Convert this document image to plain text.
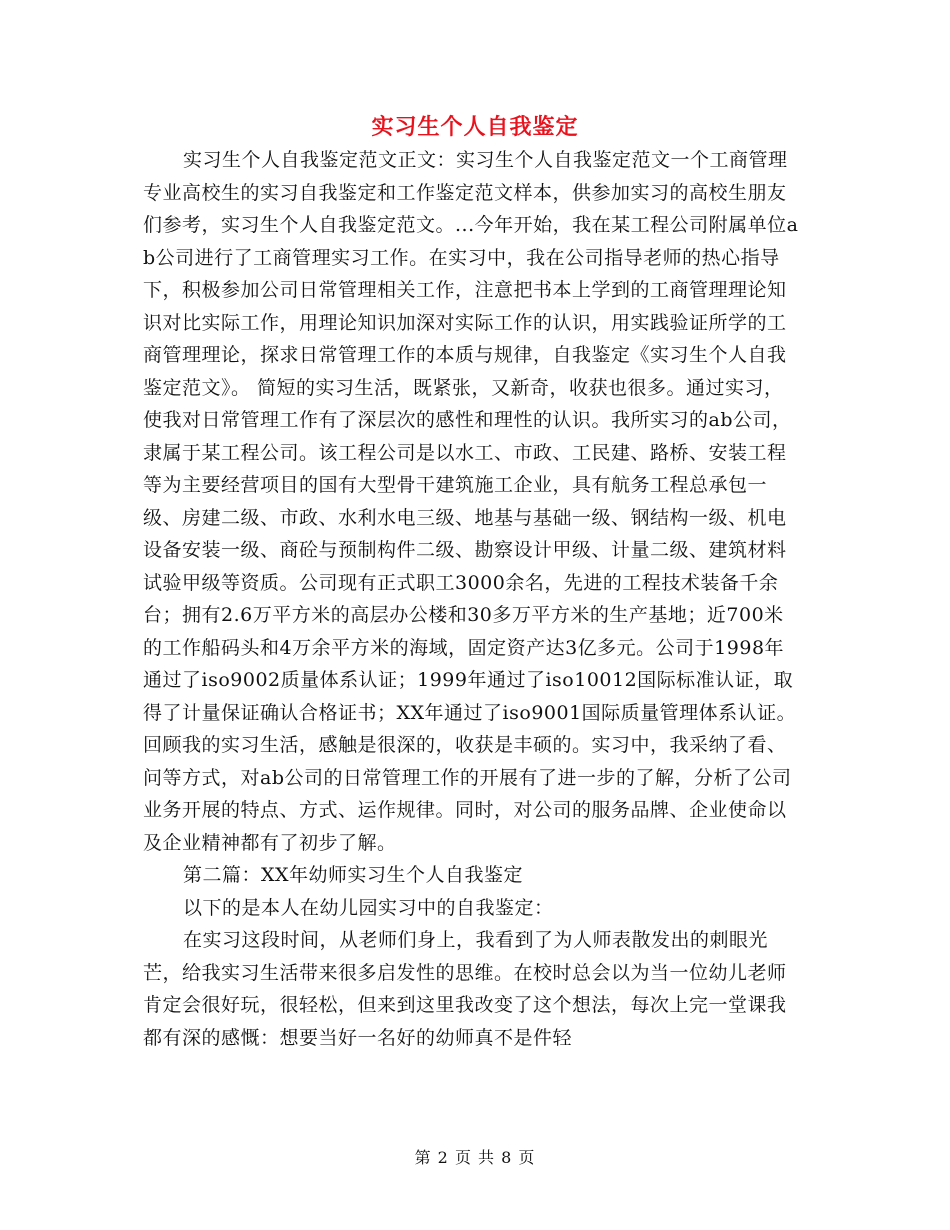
实习生个人自我鉴定

实习生个人自我鉴定范文正文：实习生个人自我鉴定范文一个工商管理专业高校生的实习自我鉴定和工作鉴定范文样本，供参加实习的高校生朋友们参考，实习生个人自我鉴定范文。...今年开始，我在某工程公司附属单位ab公司进行了工商管理实习工作。在实习中，我在公司指导老师的热心指导下，积极参加公司日常管理相关工作，注意把书本上学到的工商管理理论知识对比实际工作，用理论知识加深对实际工作的认识，用实践验证所学的工商管理理论，探求日常管理工作的本质与规律，自我鉴定《实习生个人自我鉴定范文》。 简短的实习生活，既紧张，又新奇，收获也很多。通过实习，使我对日常管理工作有了深层次的感性和理性的认识。我所实习的ab公司，隶属于某工程公司。该工程公司是以水工、市政、工民建、路桥、安装工程等为主要经营项目的国有大型骨干建筑施工企业，具有航务工程总承包一级、房建二级、市政、水利水电三级、地基与基础一级、钢结构一级、机电设备安装一级、商砼与预制构件二级、勘察设计甲级、计量二级、建筑材料试验甲级等资质。公司现有正式职工3000余名，先进的工程技术装备千余台；拥有2.6万平方米的高层办公楼和30多万平方米的生产基地；近700米的工作船码头和4万余平方米的海域，固定资产达3亿多元。公司于1998年通过了iso9002质量体系认证；1999年通过了iso10012国际标准认证，取得了计量保证确认合格证书；XX年通过了iso9001国际质量管理体系认证。回顾我的实习生活，感触是很深的，收获是丰硕的。实习中，我采纳了看、问等方式，对ab公司的日常管理工作的开展有了进一步的了解，分析了公司业务开展的特点、方式、运作规律。同时，对公司的服务品牌、企业使命以及企业精神都有了初步了解。

第二篇：XX年幼师实习生个人自我鉴定

以下的是本人在幼儿园实习中的自我鉴定：

在实习这段时间，从老师们身上，我看到了为人师表散发出的刺眼光芒，给我实习生活带来很多启发性的思维。在校时总会以为当一位幼儿老师肯定会很好玩，很轻松，但来到这里我改变了这个想法，每次上完一堂课我都有深的感慨：想要当好一名好的幼师真不是件轻

第 2 页 共 8 页
